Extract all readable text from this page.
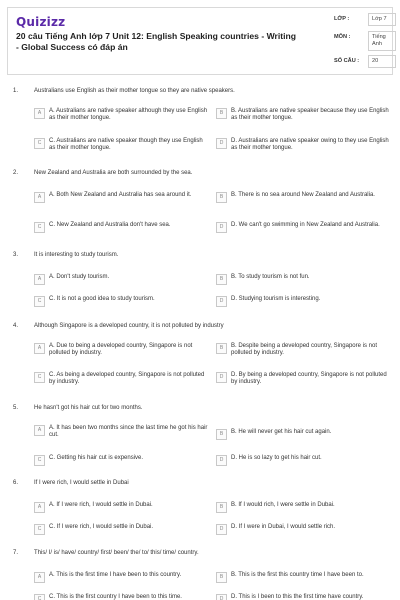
Quizizz
20 câu Tiếng Anh lớp 7 Unit 12: English Speaking countries - Writing - Global Success có đáp án
LỚP :	Lớp 7
MÔN :	Tiếng Anh
SỐ CÂU :	20
1.	Australians use English as their mother tongue so they are native speakers.
A	A. Australians are native speaker although they use English as their mother tongue.
B	B. Australians are native speaker because they use English as their mother tongue.
C	C. Australians are native speaker though they use English as their mother tongue.
D	D. Australians are native speaker owing to they use English as their mother tongue.
2.	New Zealand and Australia are both surrounded by the sea.
A	A. Both New Zealand and Australia has sea around it.	B	B. There is no sea around New Zealand and Australia.
C	C. New Zealand and Australia don't have sea.	D	D. We can't go swimming in New Zealand and Australia.
3.	It is interesting to study tourism.
A	A. Don't study tourism.	B	B. To study tourism is not fun.
C	C. It is not a good idea to study tourism.	D	D. Studying tourism is interesting.
4.	Although Singapore is a developed country, it is not polluted by industry
A	A. Due to being a developed country, Singapore is not polluted by industry.
B	B. Despite being a developed country, Singapore is not polluted by industry.
C	C. As being a developed country, Singapore is not polluted by industry.
D	D. By being a developed country, Singapore is not polluted by industry.
5.	He hasn't got his hair cut for two months.
A	A. It has been two months since the last time he got his hair cut.	B	B. He will never get his hair cut again.
C	C. Getting his hair cut is expensive.	D	D. He is so lazy to get his hair cut.
6.	If I were rich, I would settle in Dubai
A	A. If I were rich, I would settle in Dubai.	B	B. If I would rich, I were settle in Dubai.
C	C. If I were rich, I would settle in Dubai.	D	D. If I were in Dubai, I would settle rich.
7.	This/ I/ is/ have/ country/ first/ been/ the/ to/ this/ time/ country.
A	A. This is the first time I have been to this country.	B	B. This is the first this country time I have been to.
C	C. This is the first country I have been to this time.	D	D. This is I been to this the first time have country.
